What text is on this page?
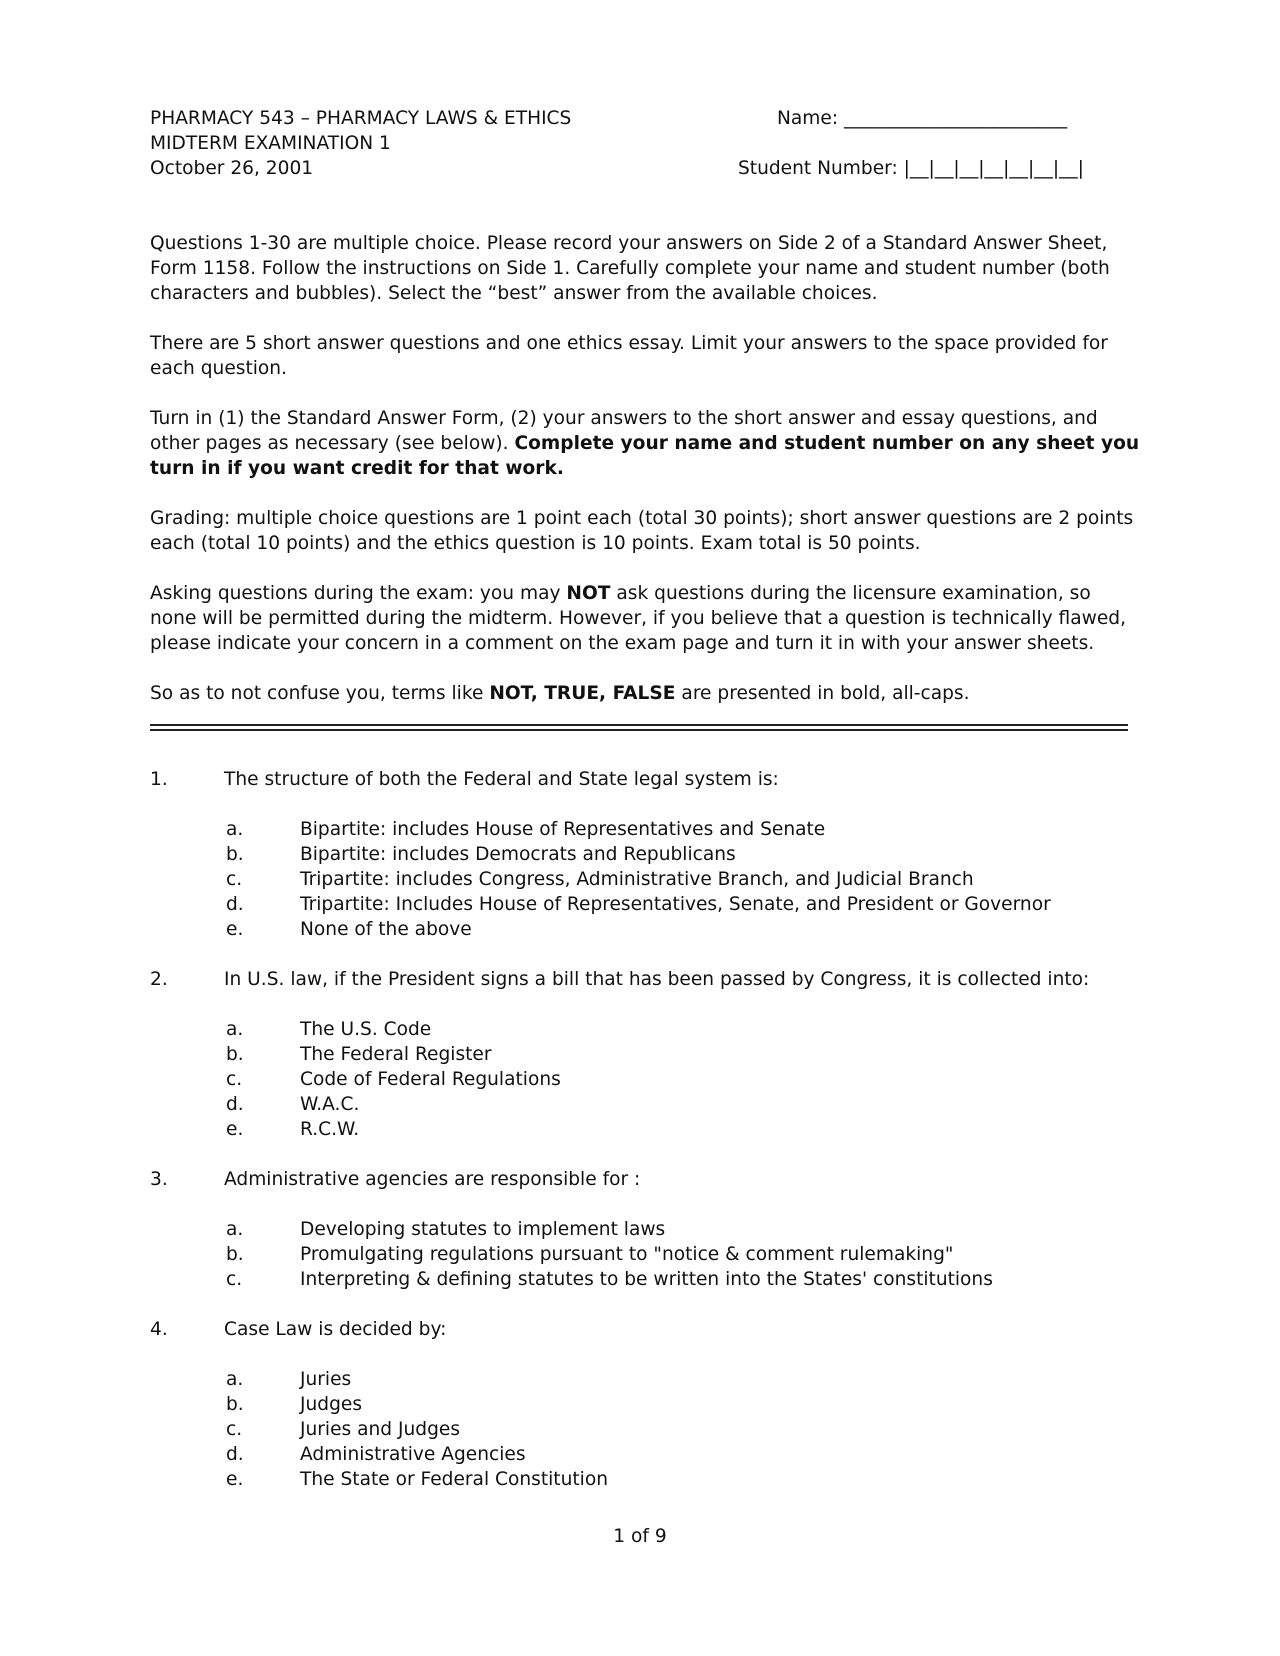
PHARMACY 543 – PHARMACY LAWS & ETHICS
MIDTERM EXAMINATION 1
October 26, 2001
Name: ________________________
Student Number: |__|__|__|__|__|__|__|

Questions 1-30 are multiple choice. Please record your answers on Side 2 of a Standard Answer Sheet, Form 1158. Follow the instructions on Side 1. Carefully complete your name and student number (both characters and bubbles). Select the “best” answer from the available choices.

There are 5 short answer questions and one ethics essay. Limit your answers to the space provided for each question.

Turn in (1) the Standard Answer Form, (2) your answers to the short answer and essay questions, and other pages as necessary (see below). Complete your name and student number on any sheet you turn in if you want credit for that work.

Grading: multiple choice questions are 1 point each (total 30 points); short answer questions are 2 points each (total 10 points) and the ethics question is 10 points. Exam total is 50 points.

Asking questions during the exam: you may NOT ask questions during the licensure examination, so none will be permitted during the midterm. However, if you believe that a question is technically flawed, please indicate your concern in a comment on the exam page and turn it in with your answer sheets.

So as to not confuse you, terms like NOT, TRUE, FALSE are presented in bold, all-caps.

1.	The structure of both the Federal and State legal system is:
a.	Bipartite: includes House of Representatives and Senate
b.	Bipartite: includes Democrats and Republicans
c.	Tripartite: includes Congress, Administrative Branch, and Judicial Branch
d.	Tripartite: Includes House of Representatives, Senate, and President or Governor
e.	None of the above
2.	In U.S. law, if the President signs a bill that has been passed by Congress, it is collected into:
a.	The U.S. Code
b.	The Federal Register
c.	Code of Federal Regulations
d.	W.A.C.
e.	R.C.W.
3.	Administrative agencies are responsible for :
a.	Developing statutes to implement laws
b.	Promulgating regulations pursuant to "notice & comment rulemaking"
c.	Interpreting & defining statutes to be written into the States' constitutions
4.	Case Law is decided by:
a.	Juries
b.	Judges
c.	Juries and Judges
d.	Administrative Agencies
e.	The State or Federal Constitution
1 of 9
